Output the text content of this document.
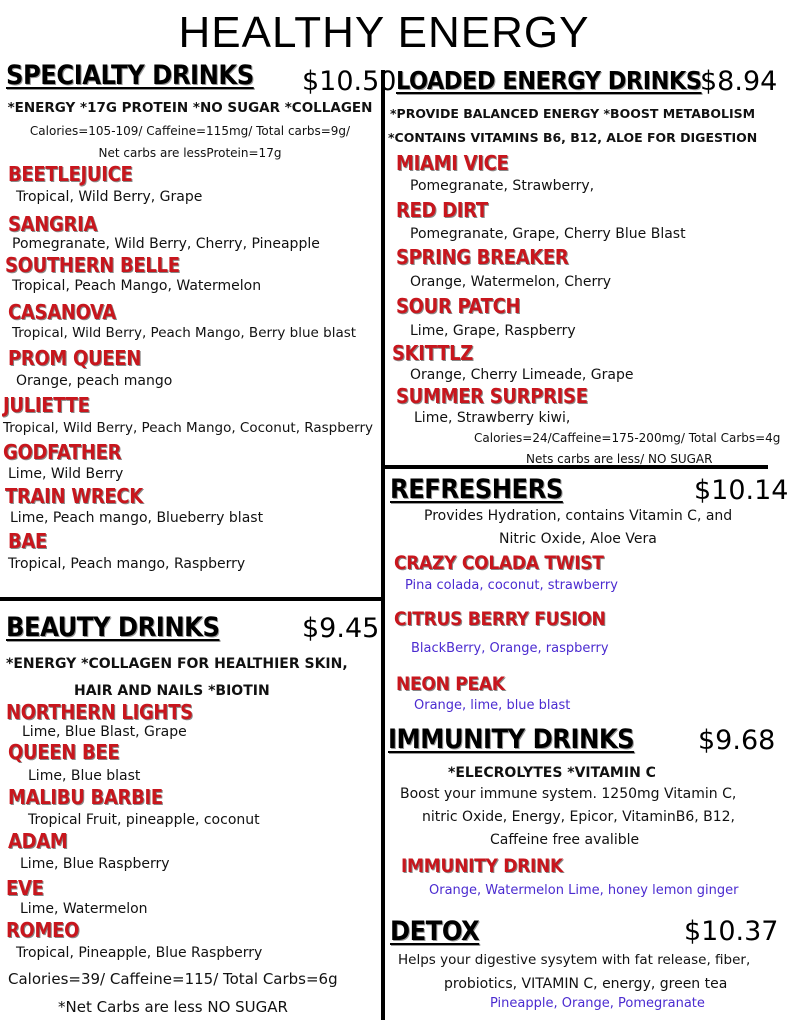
HEALTHY ENERGY
SPECIALTY DRINKS $10.50
*ENERGY *17G PROTEIN *NO SUGAR *COLLAGEN
Calories=105-109/ Caffeine=115mg/ Total carbs=9g/
Net carbs are lessProtein=17g
BEETLEJUICE
Tropical, Wild Berry, Grape
SANGRIA
Pomegranate, Wild Berry, Cherry, Pineapple
SOUTHERN BELLE
Tropical, Peach Mango, Watermelon
CASANOVA
Tropical, Wild Berry, Peach Mango, Berry blue blast
PROM QUEEN
Orange, peach mango
JULIETTE
Tropical, Wild Berry, Peach Mango, Coconut, Raspberry
GODFATHER
Lime, Wild Berry
TRAIN WRECK
Lime, Peach mango, Blueberry blast
BAE
Tropical, Peach mango, Raspberry
LOADED ENERGY DRINKS
$8.94
*PROVIDE BALANCED ENERGY *BOOST METABOLISM
*CONTAINS VITAMINS B6, B12, ALOE FOR DIGESTION
MIAMI VICE
Pomegranate, Strawberry,
RED DIRT
Pomegranate, Grape, Cherry Blue Blast
SPRING BREAKER
Orange, Watermelon, Cherry
SOUR PATCH
Lime, Grape, Raspberry
SKITTLZ
Orange, Cherry Limeade, Grape
SUMMER SURPRISE
Lime, Strawberry kiwi,
Calories=24/Caffeine=175-200mg/ Total Carbs=4g
Nets carbs are less/ NO SUGAR
REFRESHERS	$10.14
Provides Hydration, contains Vitamin C, and
Nitric Oxide, Aloe Vera
CRAZY COLADA TWIST
Pina colada, coconut, strawberry
CITRUS BERRY FUSION
BlackBerry, Orange, raspberry
NEON PEAK
Orange, lime, blue blast
BEAUTY DRINKS	$9.45
*ENERGY *COLLAGEN FOR HEALTHIER SKIN,
HAIR AND NAILS *BIOTIN
NORTHERN LIGHTS
Lime, Blue Blast, Grape
QUEEN BEE
Lime, Blue blast
MALIBU BARBIE
Tropical Fruit, pineapple, coconut
ADAM
Lime, Blue Raspberry
EVE
Lime, Watermelon
ROMEO
Tropical, Pineapple, Blue Raspberry
Calories=39/ Caffeine=115/ Total Carbs=6g
*Net Carbs are less NO SUGAR
IMMUNITY DRINKS $9.68
*ELECROLYTES *VITAMIN C
Boost your immune system. 1250mg Vitamin C,
nitric Oxide, Energy, Epicor, VitaminB6, B12,
Caffeine free avalible
IMMUNITY DRINK
Orange, Watermelon Lime, honey lemon ginger
DETOX	$10.37
Helps your digestive sysytem with fat release, fiber,
probiotics, VITAMIN C, energy, green tea
Pineapple, Orange, Pomegranate
